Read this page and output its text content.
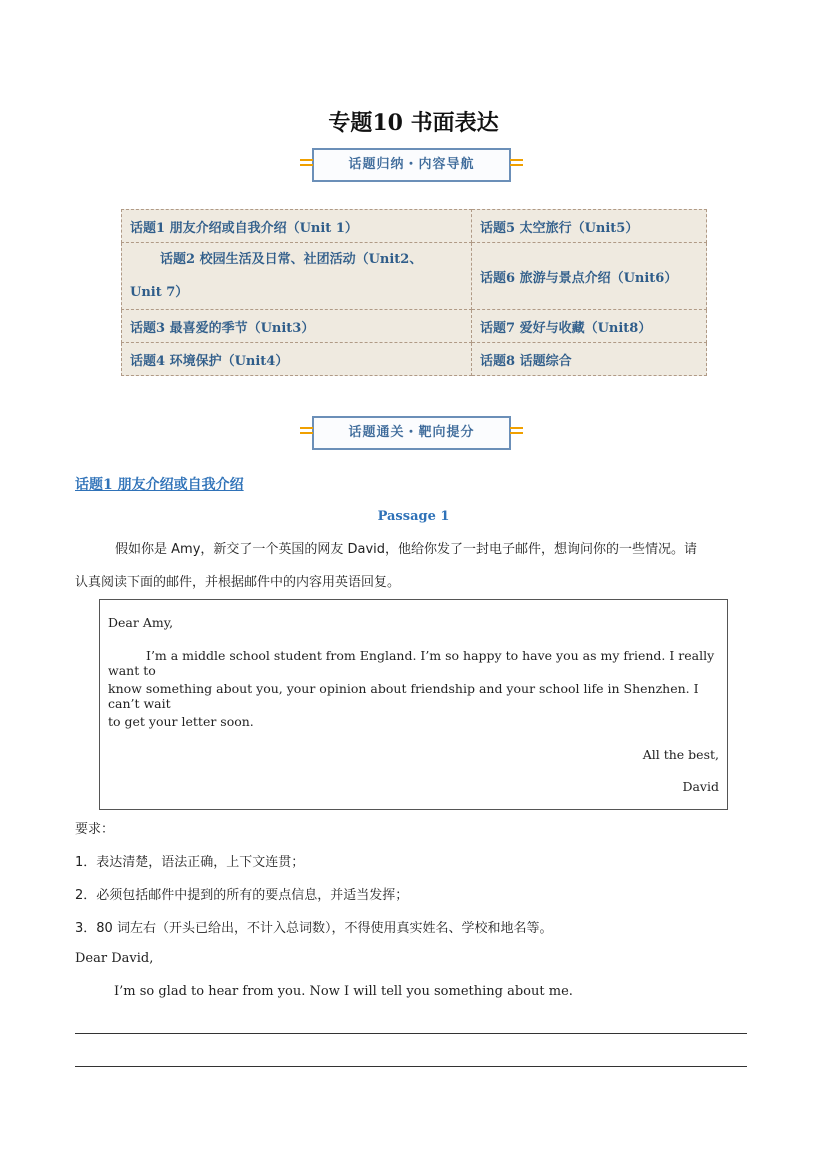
专题10 书面表达
话题归纳・内容导航
话题1 朋友介绍或自我介绍（Unit 1）	话题5 太空旅行（Unit5）
话题2 校园生活及日常、社团活动（Unit2、
Unit 7）	话题6 旅游与景点介绍（Unit6）
话题3 最喜爱的季节（Unit3）	话题7 爱好与收藏（Unit8）
话题4 环境保护（Unit4）	话题8 话题综合
话题通关・靶向提分
话题1 朋友介绍或自我介绍
Passage 1
假如你是 Amy，新交了一个英国的网友 David，他给你发了一封电子邮件，想询问你的一些情况。请
认真阅读下面的邮件，并根据邮件中的内容用英语回复。
Dear Amy,
I’m a middle school student from England. I’m so happy to have you as my friend. I really want to
know something about you, your opinion about friendship and your school life in Shenzhen. I can’t wait
to get your letter soon.
All the best,
David
要求：
1．表达清楚，语法正确，上下文连贯；
2．必须包括邮件中提到的所有的要点信息，并适当发挥；
3．80 词左右（开头已给出，不计入总词数），不得使用真实姓名、学校和地名等。
Dear David,
I’m so glad to hear from you. Now I will tell you something about me.
